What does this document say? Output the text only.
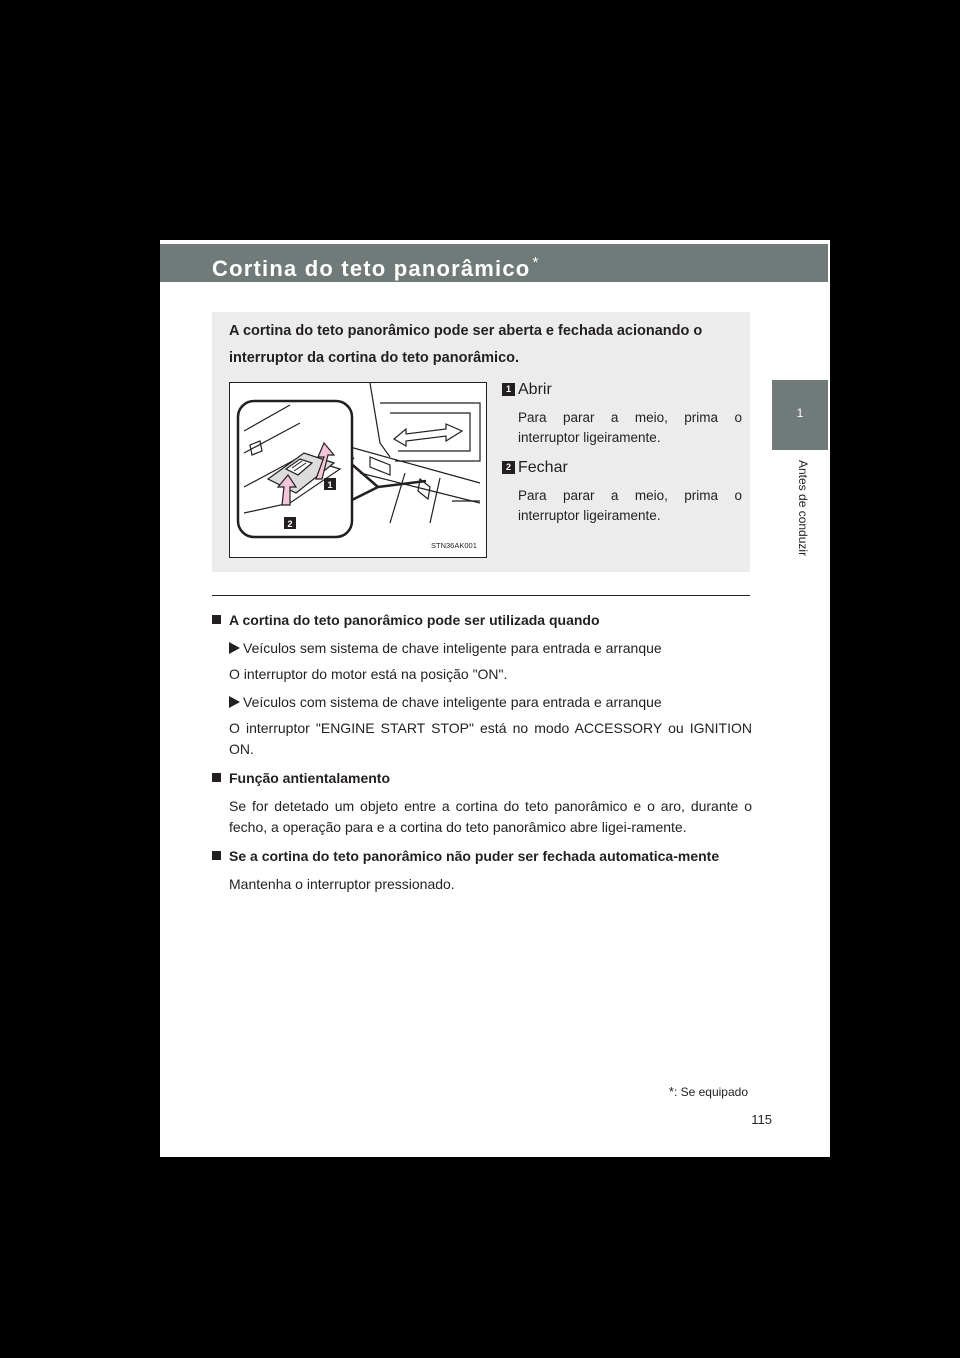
Cortina do teto panorâmico *
1
Antes de conduzir
A cortina do teto panorâmico pode ser aberta e fechada acionando o interruptor da cortina do teto panorâmico.
1
2
STN36AK001
1 Abrir
Para parar a meio, prima o interruptor ligeiramente.
2 Fechar
Para parar a meio, prima o interruptor ligeiramente.
A cortina do teto panorâmico pode ser utilizada quando
Veículos sem sistema de chave inteligente para entrada e arranque
O interruptor do motor está na posição "ON".
Veículos com sistema de chave inteligente para entrada e arranque
O interruptor "ENGINE START STOP" está no modo ACCESSORY ou IGNITION ON.
Função antientalamento
Se for detetado um objeto entre a cortina do teto panorâmico e o aro, durante o fecho, a operação para e a cortina do teto panorâmico abre ligei-ramente.
Se a cortina do teto panorâmico não puder ser fechada automatica-mente
Mantenha o interruptor pressionado.
*: Se equipado
115
